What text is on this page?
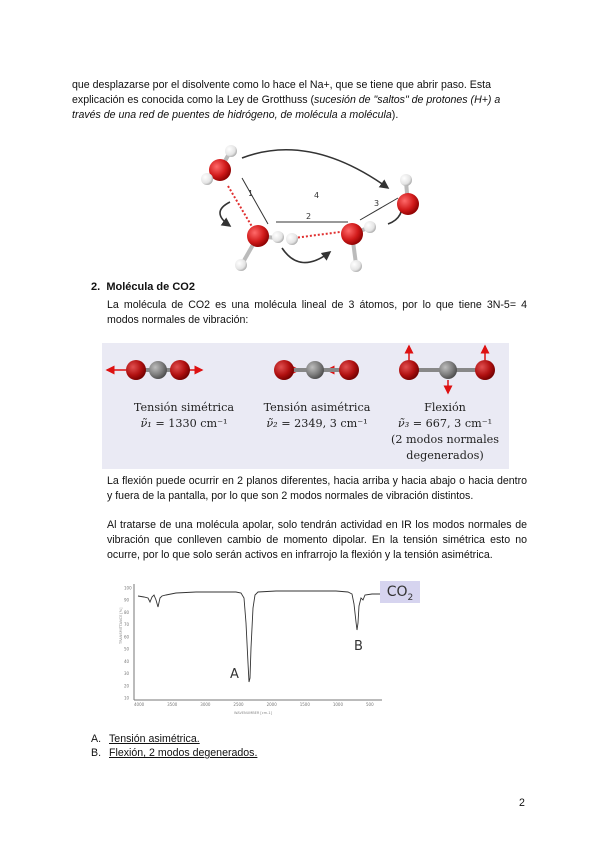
que desplazarse por el disolvente como lo hace el Na+, que se tiene que abrir paso. Esta
explicación es conocida como la Ley de Grotthuss (sucesión de "saltos" de protones (H+) a
través de una red de puentes de hidrógeno, de molécula a molécula).
1
2
3
4
2. Molécula de CO2
La molécula de CO2 es una molécula lineal de 3 átomos, por lo que tiene 3N-5= 4 modos normales de vibración:
Tensión simétrica
ν̃₁ = 1330 cm⁻¹
Tensión asimétrica
ν̃₂ = 2349, 3 cm⁻¹
Flexión
ν̃₃ = 667, 3 cm⁻¹
(2 modos normales
degenerados)
La flexión puede ocurrir en 2 planos diferentes, hacia arriba y hacia abajo o hacia dentro y fuera de la pantalla, por lo que son 2 modos normales de vibración distintos.
Al tratarse de una molécula apolar, solo tendrán actividad en IR los modos normales de vibración que conlleven cambio de momento dipolar. En la tensión simétrica esto no ocurre, por lo que solo serán activos en infrarrojo la flexión y la tensión asimétrica.
100
90
80
70
60
50
40
30
20
10
4000	3500	3000	2500	2000	1500	1000	500
TRANSMITTANCE [%]
WAVENUMBER [cm-1]
A
B
$CO_2$
A. Tensión asimétrica.
B. Flexión, 2 modos degenerados.
2
